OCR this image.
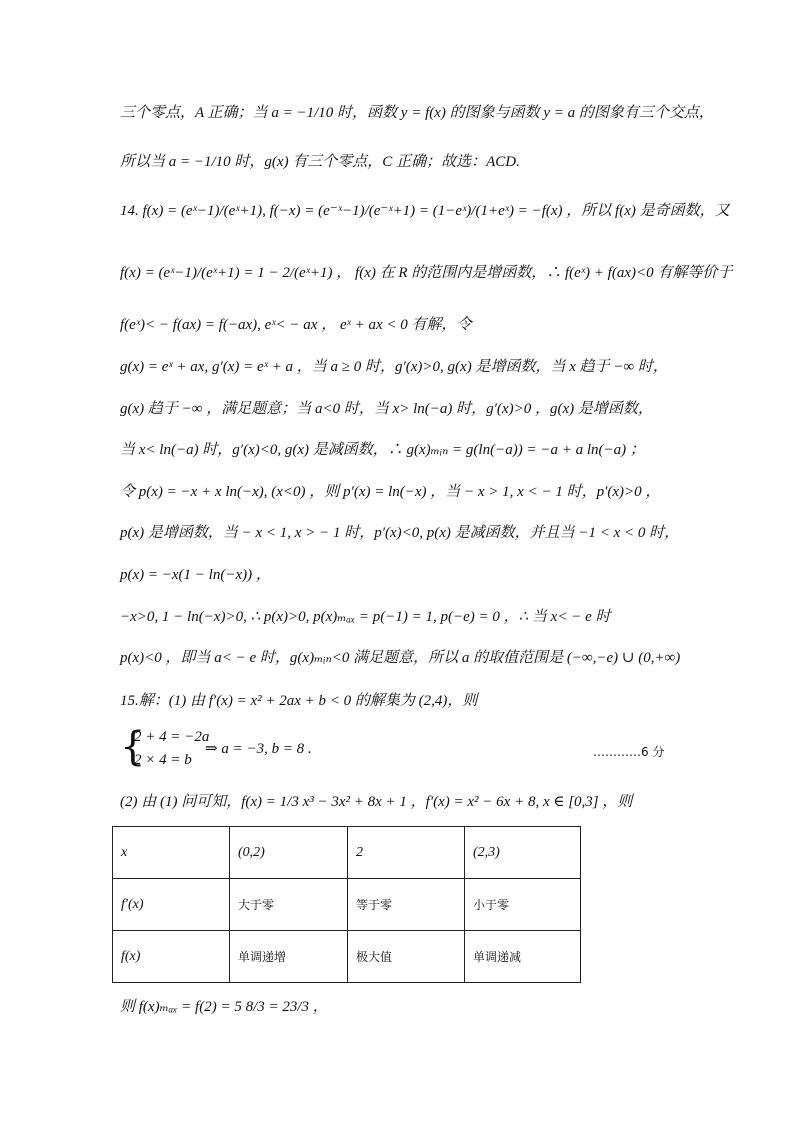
三个零点，A 正确；当 a = −1/10 时，函数 y = f(x) 的图象与函数 y = a 的图象有三个交点，
所以当 a = −1/10 时，g(x) 有三个零点，C 正确；故选：ACD.
14. f(x) = (eˣ−1)/(eˣ+1), f(−x) = (e⁻ˣ−1)/(e⁻ˣ+1) = (1−eˣ)/(1+eˣ) = −f(x) ，所以 f(x) 是奇函数，又
f(x) = (eˣ−1)/(eˣ+1) = 1 − 2/(eˣ+1) ， f(x) 在 R 的范围内是增函数，∴ f(eˣ) + f(ax)<0 有解等价于
f(eˣ)< − f(ax) = f(−ax), eˣ< − ax ， eˣ + ax < 0 有解，令
g(x) = eˣ + ax, g′(x) = eˣ + a ，当 a ≥ 0 时，g′(x)>0, g(x) 是增函数，当 x 趋于 −∞ 时，
g(x) 趋于 −∞ ，满足题意；当 a<0 时，当 x> ln(−a) 时，g′(x)>0 ，g(x) 是增函数，
当 x< ln(−a) 时，g′(x)<0, g(x) 是减函数，∴ g(x)ₘᵢₙ = g(ln(−a)) = −a + a ln(−a) ；
令 p(x) = −x + x ln(−x), (x<0) ，则 p′(x) = ln(−x) ，当 − x > 1, x < − 1 时，p′(x)>0 ，
p(x) 是增函数，当 − x < 1, x > − 1 时，p′(x)<0, p(x) 是减函数，并且当 −1 < x < 0 时，
p(x) = −x(1 − ln(−x)) ，
−x>0, 1 − ln(−x)>0, ∴ p(x)>0, p(x)ₘₐₓ = p(−1) = 1, p(−e) = 0 ，∴ 当 x< − e 时
p(x)<0 ，即当 a< − e 时，g(x)ₘᵢₙ<0 满足题意，所以 a 的取值范围是 (−∞,−e) ∪ (0,+∞)
15.解：(1) 由 f′(x) = x² + 2ax + b < 0 的解集为 (2,4)，则
{
2 + 4 = −2a
2 × 4 = b
⇒ a = −3, b = 8 .	…………6 分
(2) 由 (1) 问可知，f(x) = 1/3 x³ − 3x² + 8x + 1 ，f′(x) = x² − 6x + 8, x ∈ [0,3] ，则
x	(0,2)	2	(2,3)
f′(x)	大于零	等于零	小于零
f(x)	单调递增	极大值	单调递减
则 f(x)ₘₐₓ = f(2) = 5 8/3 = 23/3 ，
